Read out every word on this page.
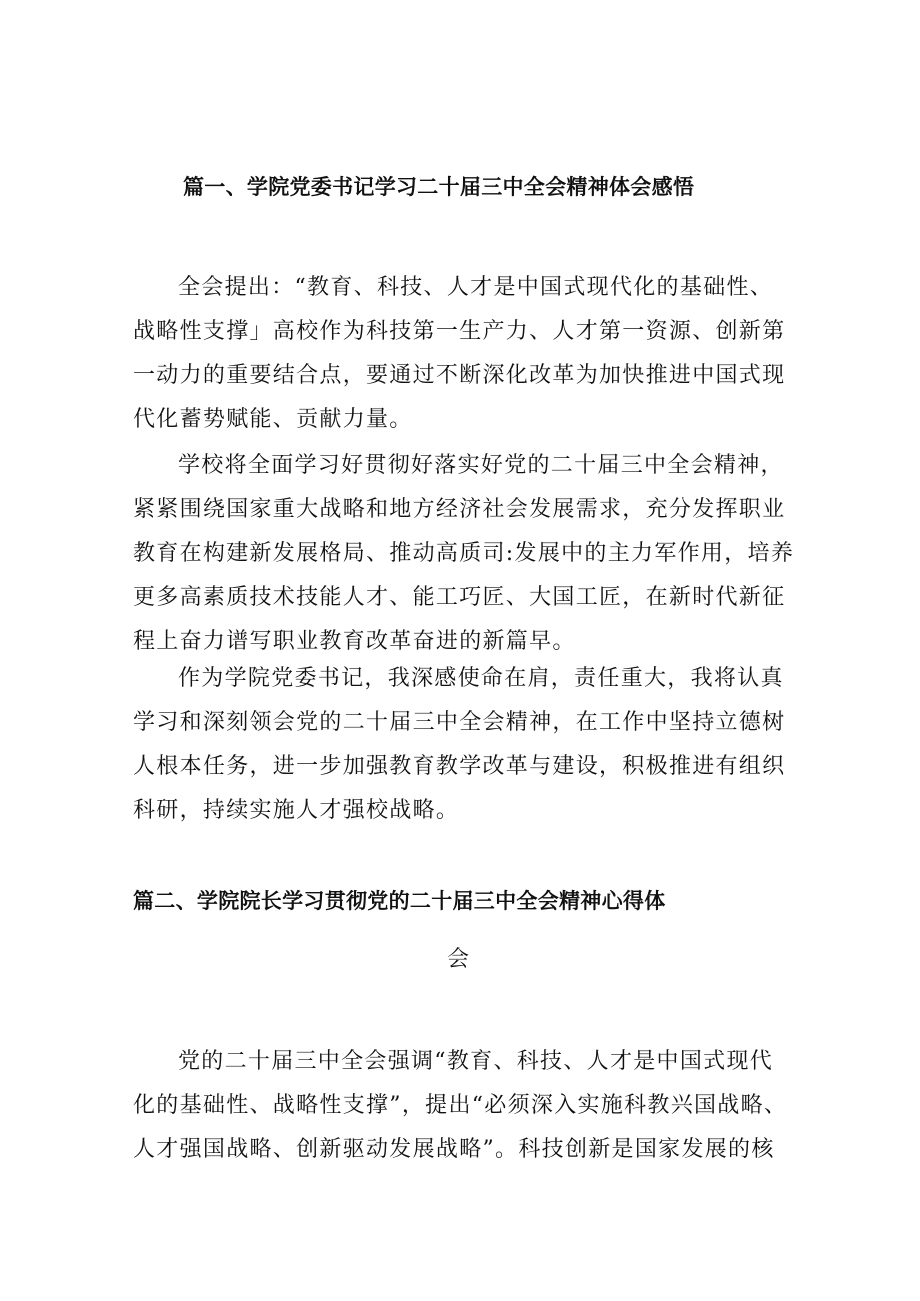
篇一、学院党委书记学习二十届三中全会精神体会感悟
全会提出：“教育、科技、人才是中国式现代化的基础性、
战略性支撑」高校作为科技第一生产力、人才第一资源、创新第
一动力的重要结合点，要通过不断深化改革为加快推进中国式现
代化蓄势赋能、贡献力量。
学校将全面学习好贯彻好落实好党的二十届三中全会精神，
紧紧围绕国家重大战略和地方经济社会发展需求，充分发挥职业
教育在构建新发展格局、推动高质司:发展中的主力军作用，培养
更多高素质技术技能人才、能工巧匠、大国工匠，在新时代新征
程上奋力谱写职业教育改革奋进的新篇早。
作为学院党委书记，我深感使命在肩，责任重大，我将认真
学习和深刻领会党的二十届三中全会精神，在工作中坚持立德树
人根本任务，进一步加强教育教学改革与建设，积极推进有组织
科研，持续实施人才强校战略。
篇二、学院院长学习贯彻党的二十届三中全会精神心得体
会
党的二十届三中全会强调“教育、科技、人才是中国式现代
化的基础性、战略性支撑”，提出“必须深入实施科教兴国战略、
人才强国战略、创新驱动发展战略”。科技创新是国家发展的核
